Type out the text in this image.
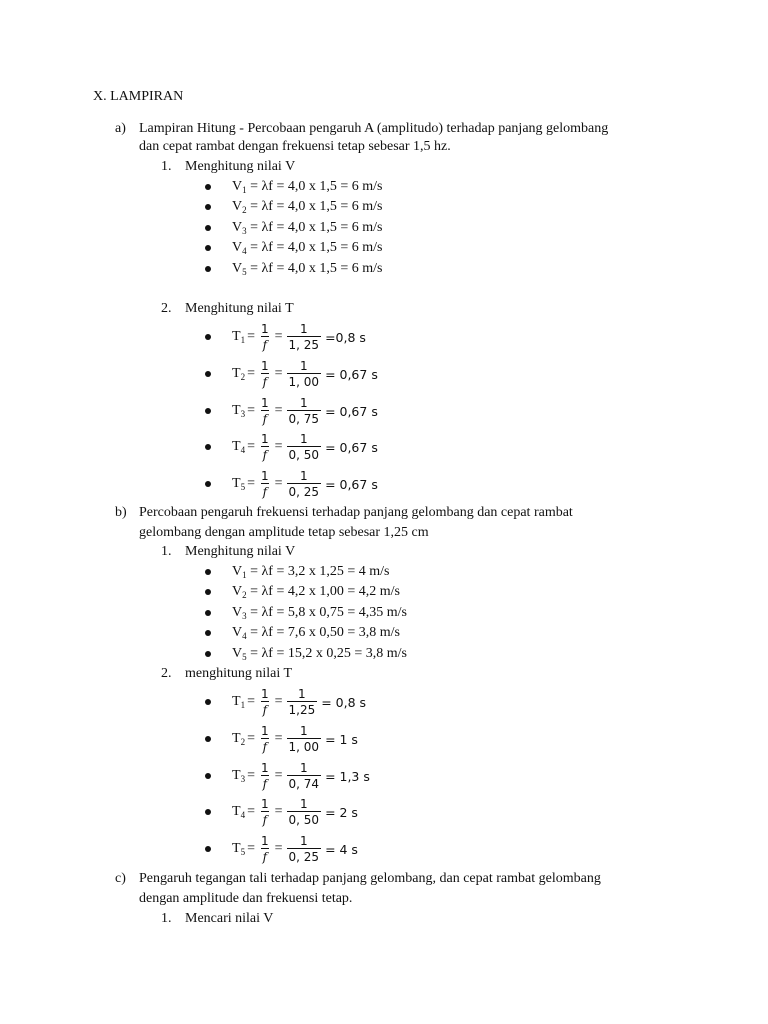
X. LAMPIRAN
a) Lampiran Hitung - Percobaan pengaruh A (amplitudo) terhadap panjang gelombang
dan cepat rambat dengan frekuensi tetap sebesar 1,5 hz.
1. Menghitung nilai V
$V_1 = \lambda f = 4,0$ x 1,5 = 6 m/s
$V_2 = \lambda f = 4,0$ x 1,5 = 6 m/s
$V_3 = \lambda f = 4,0$ x 1,5 = 6 m/s
$V_4 = \lambda f = 4,0$ x 1,5 = 6 m/s
$V_5 = \lambda f = 4,0$ x 1,5 = 6 m/s
2. Menghitung nilai T
$T_1 = \frac{1}{f} = \frac{1}{1, 25} =0,8$ s
$T_2 = \frac{1}{f} = \frac{1}{1, 00} = 0,67$ s
$T_3 = \frac{1}{f} = \frac{1}{0, 75} = 0,67$ s
$T_4 = \frac{1}{f} = \frac{1}{0, 50} = 0,67$ s
$T_5 = \frac{1}{f} = \frac{1}{0, 25} = 0,67$ s
b) Percobaan pengaruh frekuensi terhadap panjang gelombang dan cepat rambat
gelombang dengan amplitude tetap sebesar 1,25 cm
1. Menghitung nilai V
$V_1 = \lambda f = 3,2$ x 1,25 = 4 m/s
$V_2 = \lambda f = 4,2$ x 1,00 = 4,2 m/s
$V_3 = \lambda f = 5,8$ x 0,75 = 4,35 m/s
$V_4 = \lambda f = 7,6$ x 0,50 = 3,8 m/s
$V_5 = \lambda f = 15,2$ x 0,25 = 3,8 m/s
2. menghitung nilai T
$T_1 = \frac{1}{f} = \frac{1}{1,25} = 0,8$ s
$T_2 = \frac{1}{f} = \frac{1}{1, 00} = 1$ s
$T_3 = \frac{1}{f} = \frac{1}{0, 74} = 1,3$ s
$T_4 = \frac{1}{f} = \frac{1}{0, 50} = 2$ s
$T_5 = \frac{1}{f} = \frac{1}{0, 25} = 4$ s
c) Pengaruh tegangan tali terhadap panjang gelombang, dan cepat rambat gelombang
dengan amplitude dan frekuensi tetap.
1. Mencari nilai V
